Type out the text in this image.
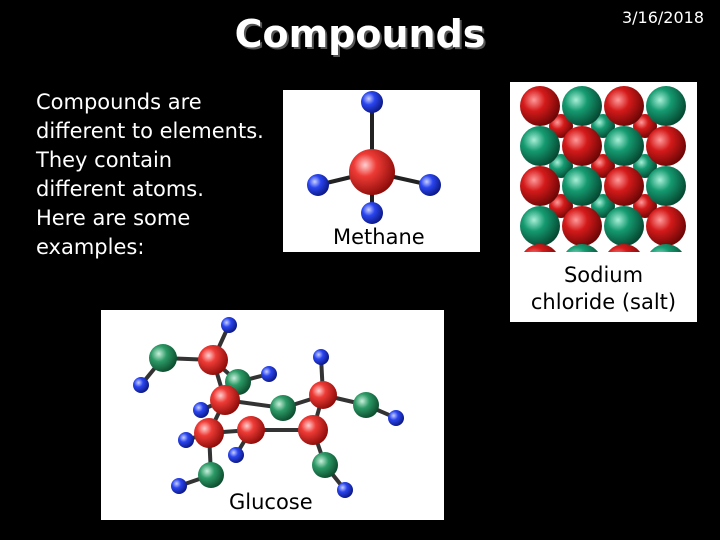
Compounds	3/16/2018
Compounds are
different to elements.
They contain
different atoms.
Here are some
examples:	Methane
Sodium
chloride (salt)
Glucose
